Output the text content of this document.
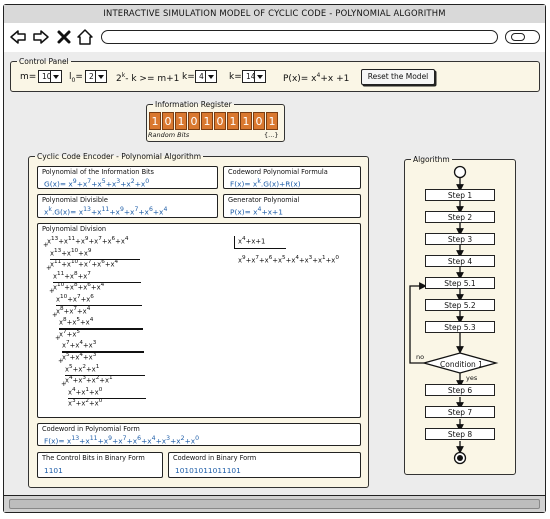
INTERACTIVE SIMULATION MODEL OF CYCLIC CODE - POLYNOMIAL ALGORITHM
Control Panel
m= 10 $l_0= 2$ 2$^k$- k >= m+1 k= 4	k= 14	$P(x)= x^4+x +1$	Reset the Model
Information Register
1 0 1 0 1 0 1 1 0 1
Random Bits	{...}
Cyclic Code Encoder - Polynomial Algorithm
Polynomial of the Information Bits
$G(x)= x^9+x^7+x^5+x^3+x^2+x^0$
Codeword Polynomial Formula
$F(x)= x^k.G(x)+R(x)$
Polynomial Divisible
$x^k.G(x)= x^{13}+x^{11}+x^9+x^7+x^6+x^4$
Generator Polynomial
$P(x)= x^4+x+1$
Polynomial Division
$x^{13}+x^{11}+x^9+x^7+x^6+x^4$
$x^{13}+x^{10}+x^9$
+
$x^{11}+x^{10}+x^7+x^6+x^4$
$x^{11}+x^8+x^7$
+
$x^{10}+x^8+x^6+x^4$
$x^{10}+x^7+x^6$
+
$x^8+x^7+x^4$
$x^8+x^5+x^4$
+
$x^7+x^5$
$x^7+x^4+x^3$
+
$x^5+x^4+x^3$
$x^5+x^2+x^1$
+
$x^4+x^3+x^2+x^1$
$x^4+x^1+x^0$
+
$x^3+x^2+x^0$
$x^4+x+1$
$x^9+x^7+x^6+x^5+x^4+x^3+x^1+x^0$
Codeword in Polynomial Form
$F(x)= x^{13}+x^{11}+x^9+x^7+x^6+x^4+x^3+x^2+x^0$
The Control Bits in Binary Form
1101
Codeword in Binary Form
10101011011101
Algorithm
Step 1
Step 2
Step 3
Step 4
Step 5.1
Step 5.2
Step 5.3
Step 6
Step 7
Step 8
Condition 1
no
yes
